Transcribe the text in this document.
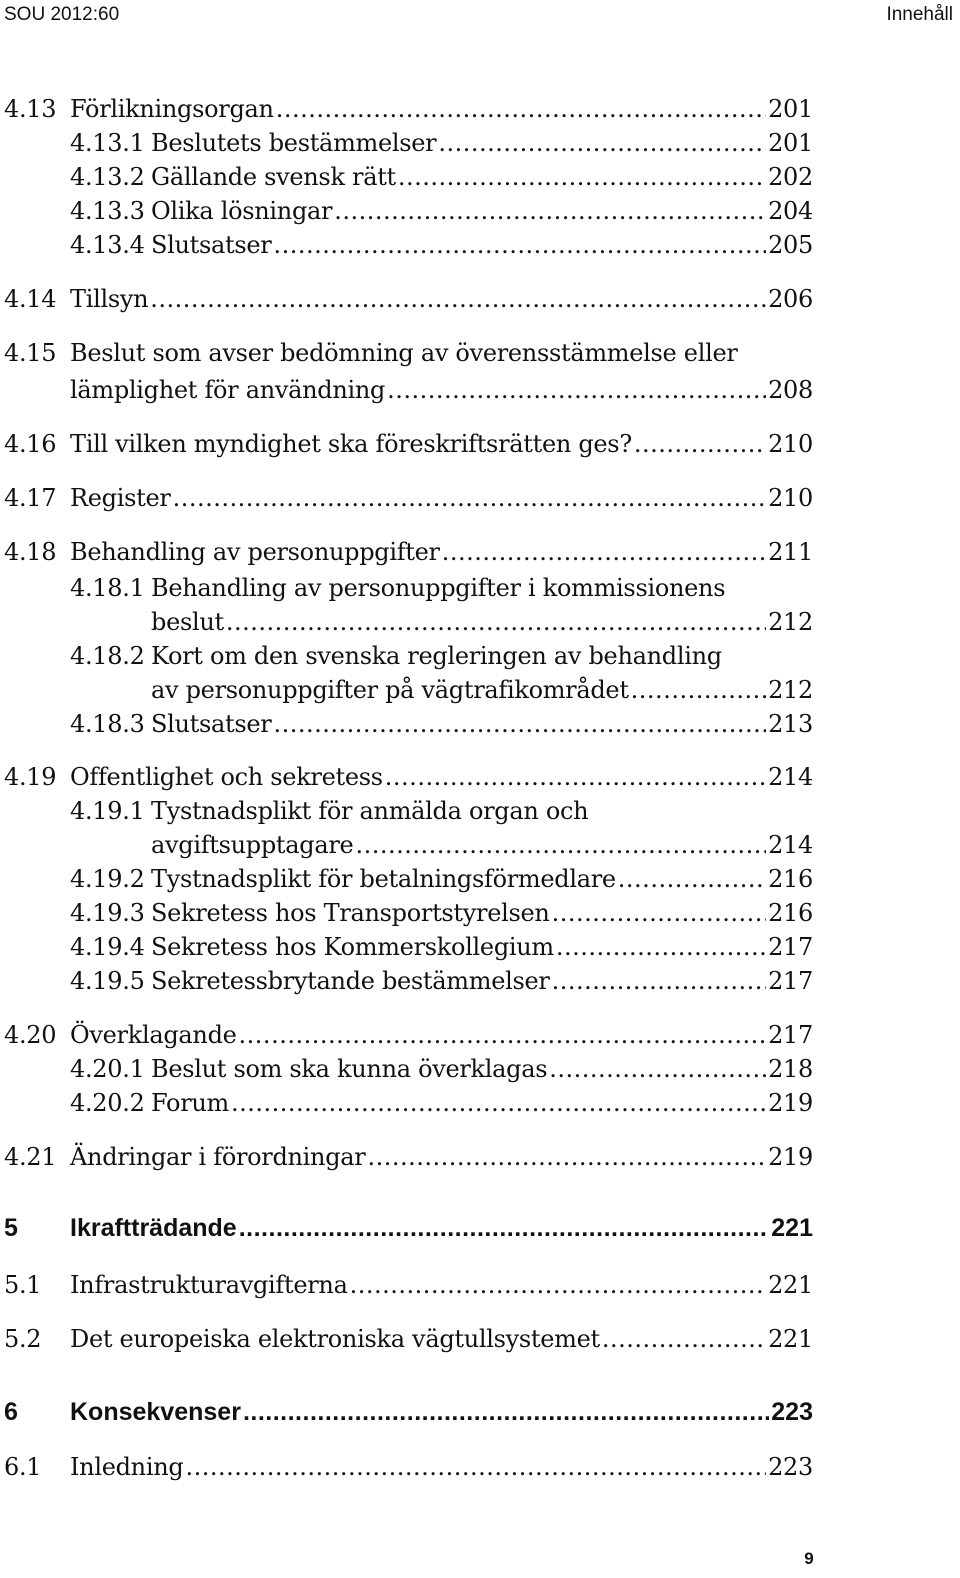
SOU 2012:60	Innehåll
4.13 Förlikningsorgan .....	201
4.13.1 Beslutets bestämmelser .....	201
4.13.2 Gällande svensk rätt .....	202
4.13.3 Olika lösningar .....	204
4.13.4 Slutsatser .....	205
4.14 Tillsyn .....	206
4.15 Beslut som avser bedömning av överensstämmelse eller
lämplighet för användning .....	208
4.16 Till vilken myndighet ska föreskriftsrätten ges? .....	210
4.17 Register .....	210
4.18 Behandling av personuppgifter .....	211
4.18.1 Behandling av personuppgifter i kommissionens
beslut .....	212
4.18.2 Kort om den svenska regleringen av behandling
av personuppgifter på vägtrafikområdet .....	212
4.18.3 Slutsatser .....	213
4.19 Offentlighet och sekretess .....	214
4.19.1 Tystnadsplikt för anmälda organ och
avgiftsupptagare .....	214
4.19.2 Tystnadsplikt för betalningsförmedlare .....	216
4.19.3 Sekretess hos Transportstyrelsen .....	216
4.19.4 Sekretess hos Kommerskollegium .....	217
4.19.5 Sekretessbrytande bestämmelser .....	217
4.20 Överklagande .....	217
4.20.1 Beslut som ska kunna överklagas .....	218
4.20.2 Forum .....	219
4.21 Ändringar i förordningar .....	219
5 Ikraftträdande .....	221
5.1 Infrastrukturavgifterna .....	221
5.2 Det europeiska elektroniska vägtullsystemet .....	221
6 Konsekvenser .....	223
6.1 Inledning .....	223
9
